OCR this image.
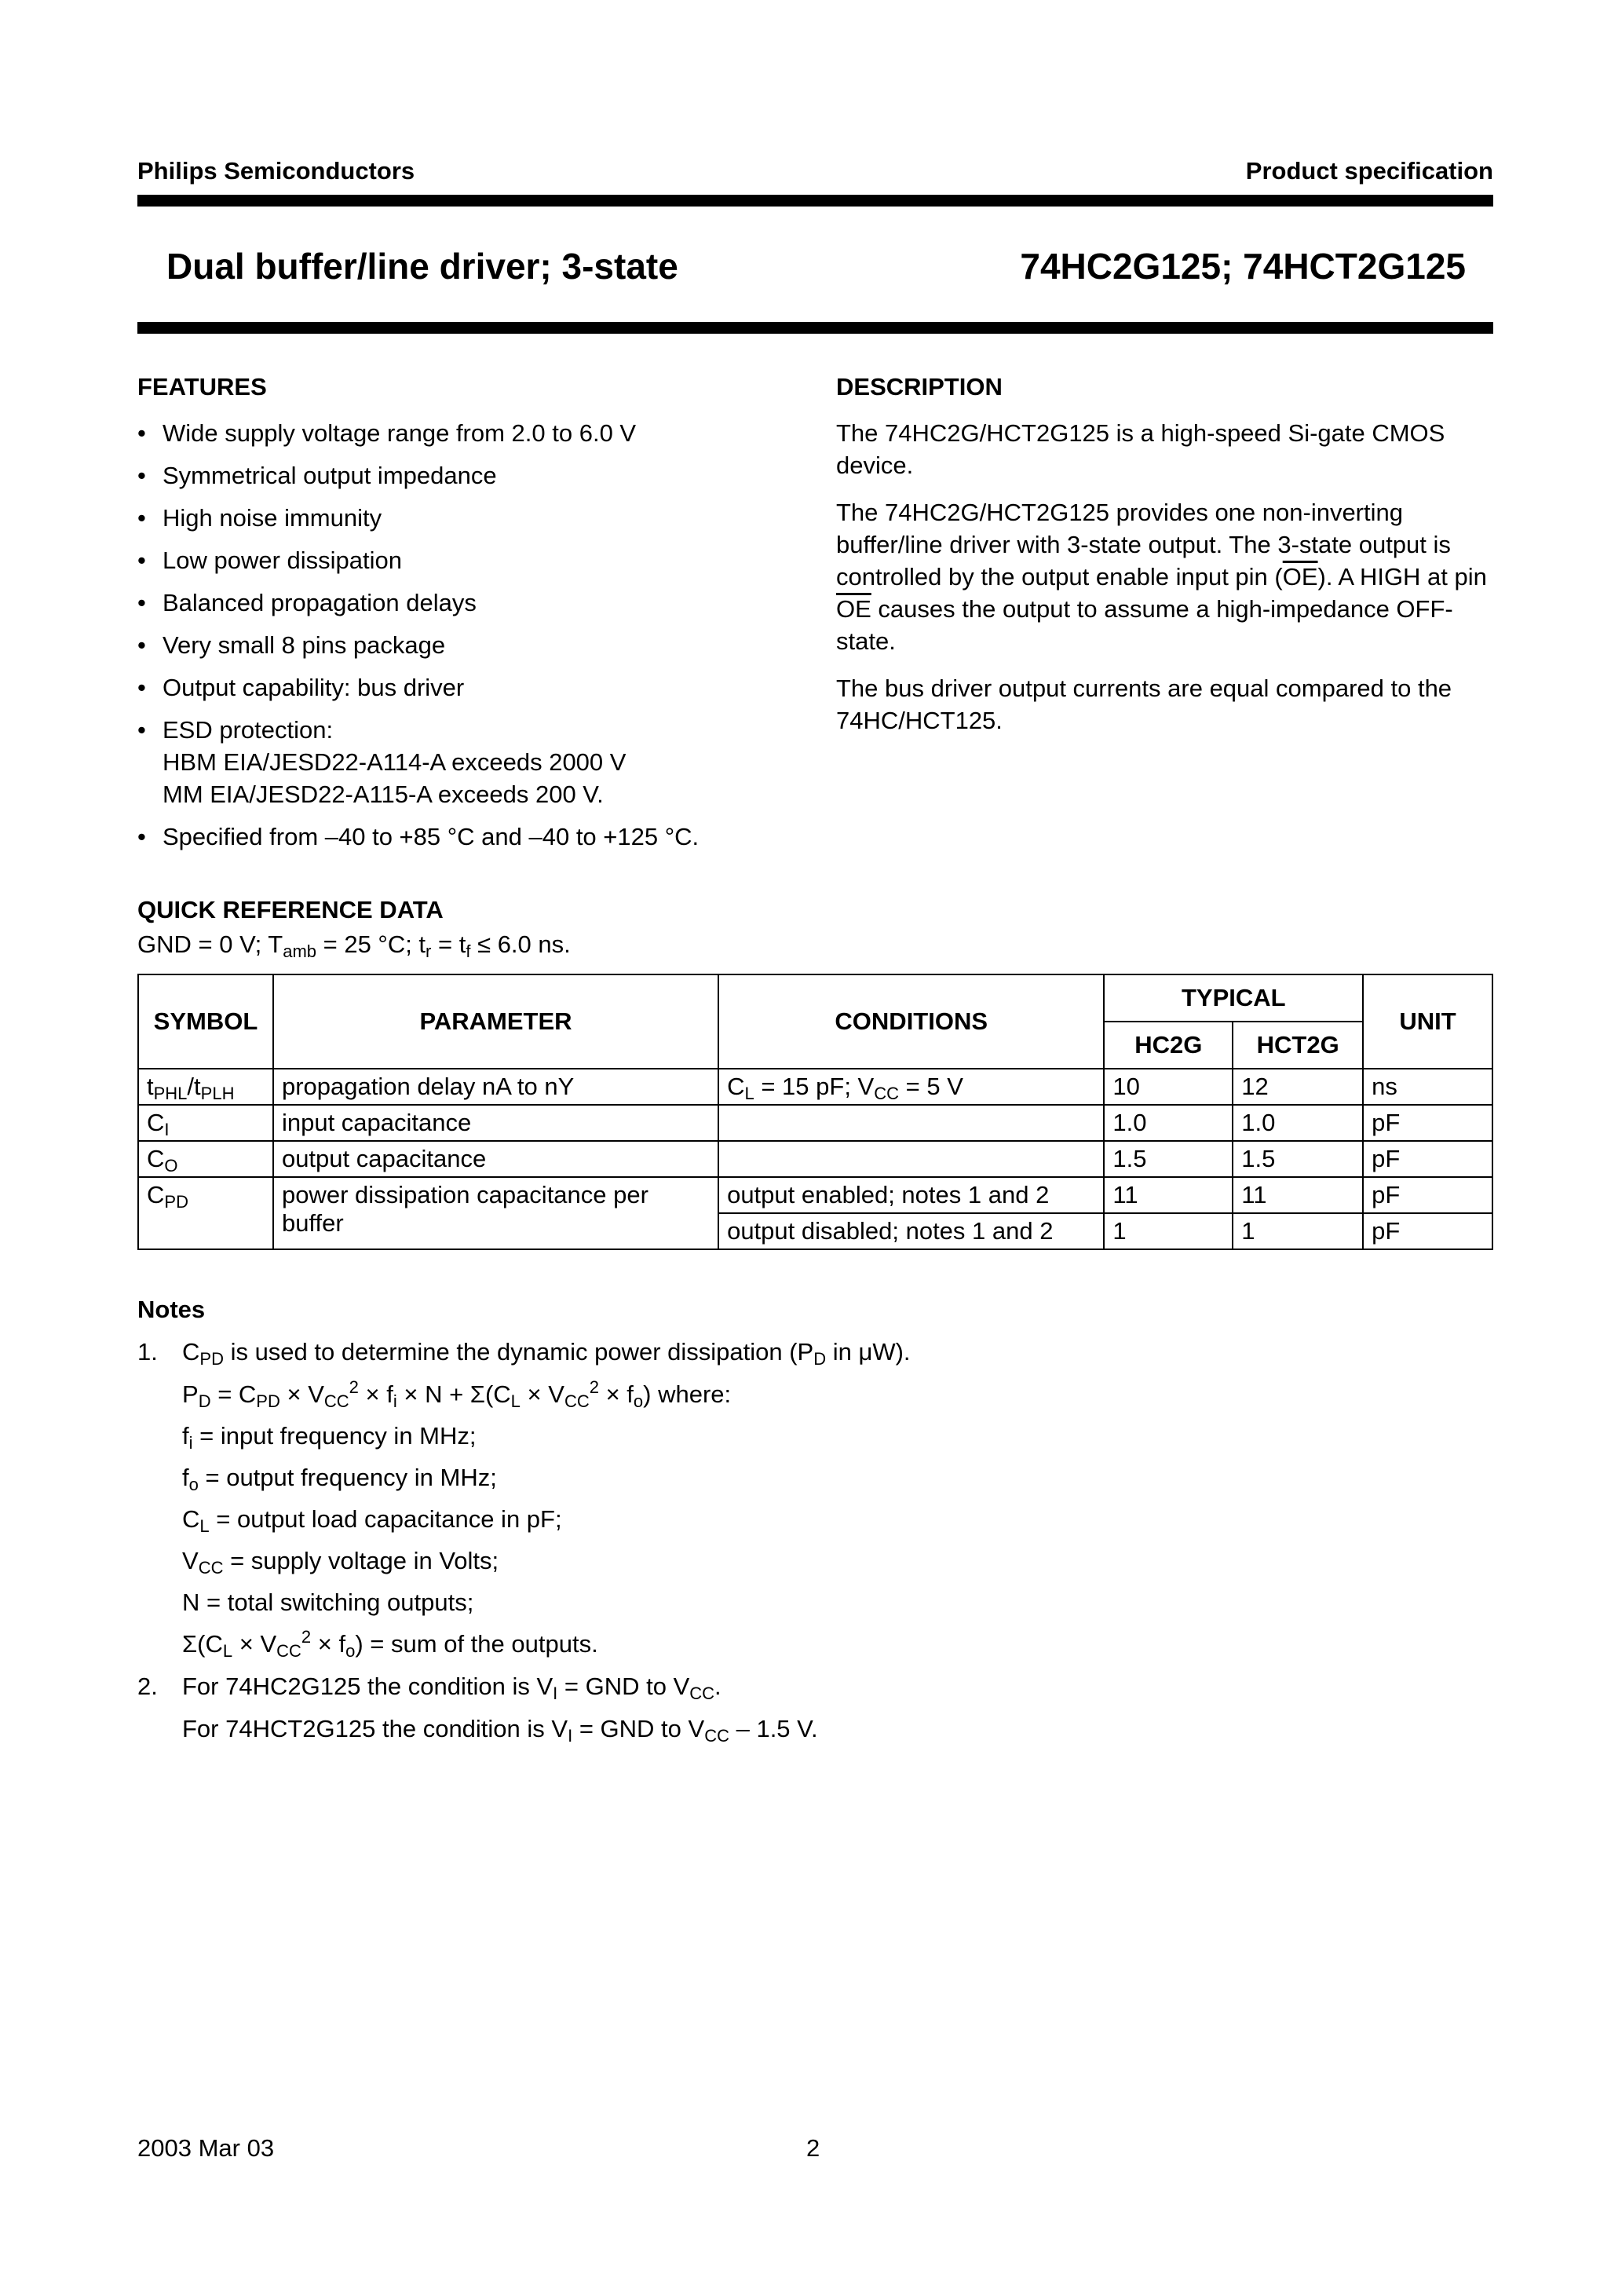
Philips Semiconductors	Product specification
Dual buffer/line driver; 3-state	74HC2G125; 74HCT2G125
FEATURES
• Wide supply voltage range from 2.0 to 6.0 V
• Symmetrical output impedance
• High noise immunity
• Low power dissipation
• Balanced propagation delays
• Very small 8 pins package
• Output capability: bus driver
• ESD protection:
HBM EIA/JESD22-A114-A exceeds 2000 V
MM EIA/JESD22-A115-A exceeds 200 V.
• Specified from –40 to +85 °C and –40 to +125 °C.
DESCRIPTION

The 74HC2G/HCT2G125 is a high-speed Si-gate CMOS device.

The 74HC2G/HCT2G125 provides one non-inverting buffer/line driver with 3-state output. The 3-state output is controlled by the output enable input pin $(\overline{OE})$. A HIGH at pin $\overline{OE}$ causes the output to assume a high-impedance OFF-state.

The bus driver output currents are equal compared to the 74HC/HCT125.

QUICK REFERENCE DATA
GND = 0 V; $T_{amb} = 25$ °C; $t_r = t_f \le 6.0$ ns.
SYMBOL	PARAMETER	CONDITIONS	TYPICAL		UNIT
			HC2G	HCT2G	
$t_{PHL}/t_{PLH}$	propagation delay nA to nY	$C_L = 15$ pF; $V_{CC} = 5$ V	10	12	ns
$C_I$	input capacitance		1.0	1.0	pF
$C_O$	output capacitance		1.5	1.5	pF
$C_{PD}$	power dissipation capacitance per buffer	output enabled; notes 1 and 2	11	11	pF
		output disabled; notes 1 and 2	1	1	pF
Notes
1. $C_{PD}$ is used to determine the dynamic power dissipation ($P_D$ in μW).
$P_D = C_{PD} \times V_{CC}^2 \times f_i \times N + \Sigma(C_L \times V_{CC}^2 \times f_o)$ where:
$f_i$ = input frequency in MHz;
$f_o$ = output frequency in MHz;
$C_L$ = output load capacitance in pF;
$V_{CC}$ = supply voltage in Volts;
N = total switching outputs;
$\Sigma(C_L \times V_{CC}^2 \times f_o)$ = sum of the outputs.
2. For 74HC2G125 the condition is $V_I$ = GND to $V_{CC}$.
For 74HCT2G125 the condition is $V_I$ = GND to $V_{CC} - 1.5$ V.
2003 Mar 03	2
